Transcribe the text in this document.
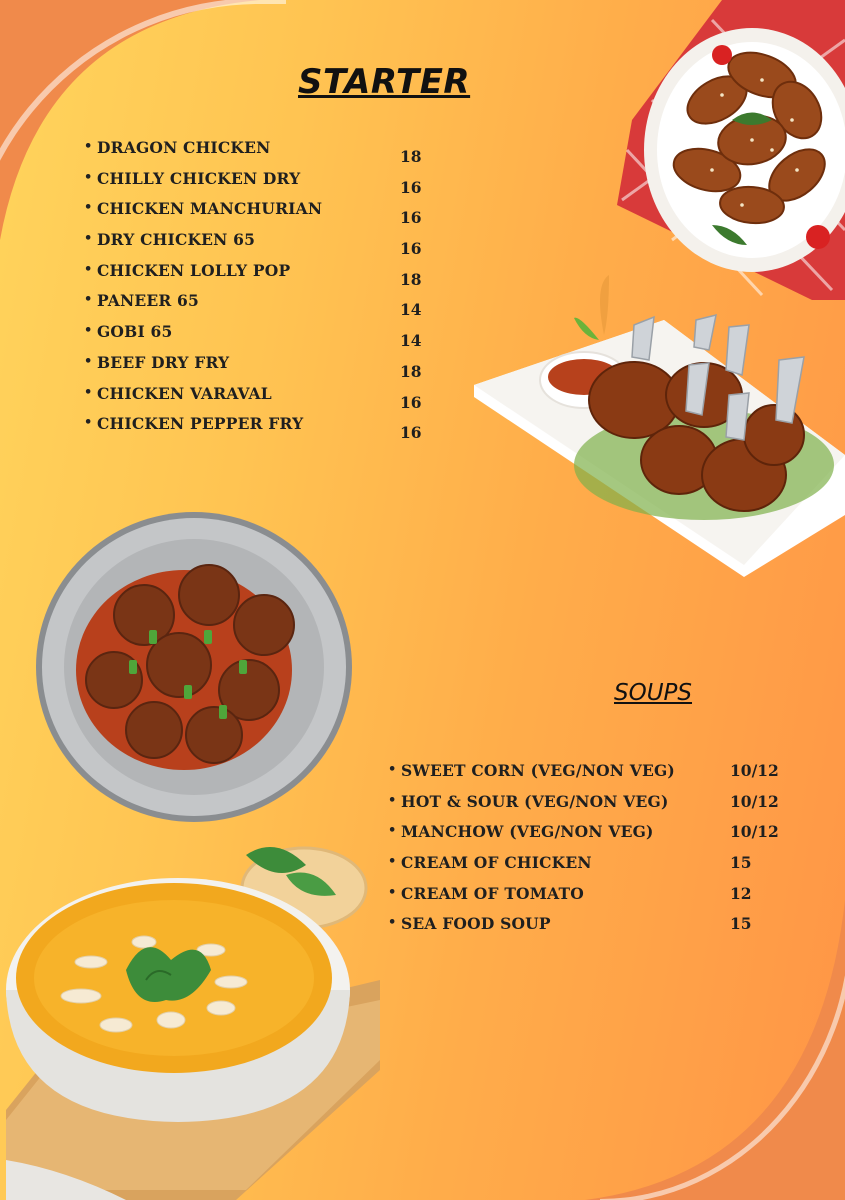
STARTER
• DRAGON CHICKEN	18
• CHILLY CHICKEN DRY	16
• CHICKEN MANCHURIAN	16
• DRY CHICKEN 65	16
• CHICKEN LOLLY POP	18
• PANEER 65	14
• GOBI 65	14
• BEEF DRY FRY	18
• CHICKEN VARAVAL	16
• CHICKEN PEPPER FRY	16
SOUPS
• SWEET CORN (VEG/NON VEG)	10/12
• HOT & SOUR (VEG/NON VEG)	10/12
• MANCHOW (VEG/NON VEG)	10/12
• CREAM OF CHICKEN	15
• CREAM OF TOMATO	12
• SEA FOOD SOUP	15
